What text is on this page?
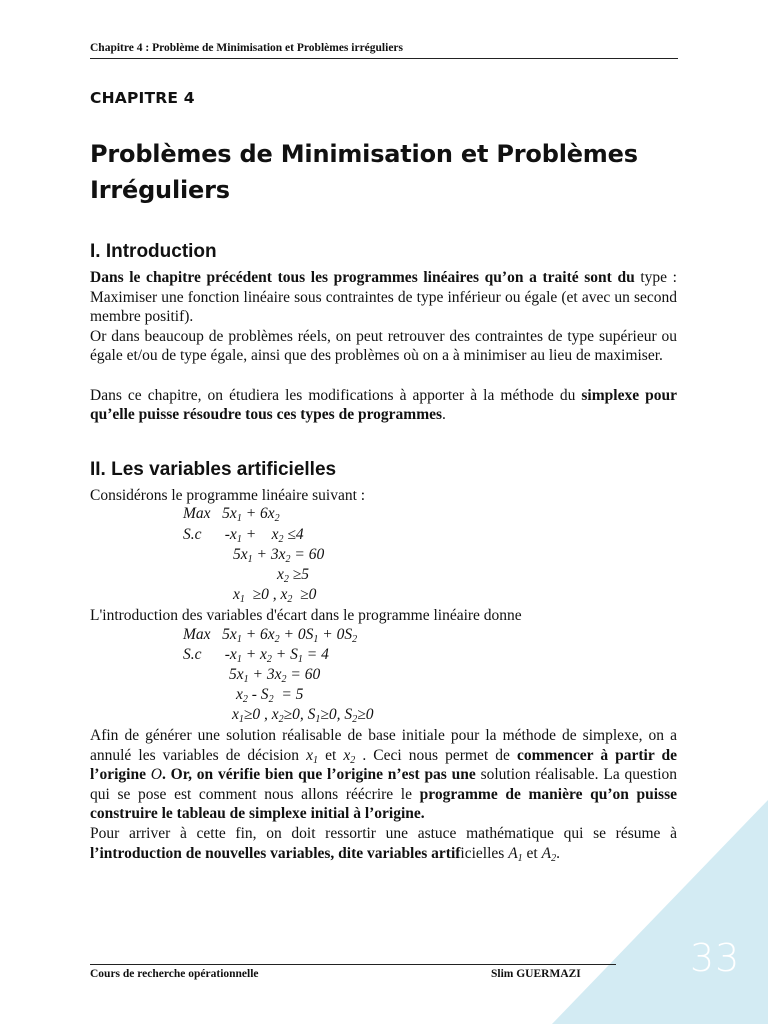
Chapitre 4 : Problème de Minimisation et Problèmes irréguliers
CHAPITRE 4
Problèmes de Minimisation et Problèmes
Irréguliers
I. Introduction

Dans le chapitre précédent tous les programmes linéaires qu’on a traité sont du type : Maximiser une fonction linéaire sous contraintes de type inférieur ou égale (et avec un second membre positif).

Or dans beaucoup de problèmes réels, on peut retrouver des contraintes de type supérieur ou égale et/ou de type égale, ainsi que des problèmes où on a à minimiser au lieu de maximiser.

Dans ce chapitre, on étudiera les modifications à apporter à la méthode du simplexe pour qu’elle puisse résoudre tous ces types de programmes.

II. Les variables artificielles
Considérons le programme linéaire suivant :
Max   $5x_1 + 6x_2$
S.c      $-x_1$ +    $x_2 \le 4$
$5x_1 + 3x_2 = 60$
$x_2 \ge 5$
$x_1 \ge 0$ , $x_2 \ge 0$
L'introduction des variables d'écart dans le programme linéaire donne
Max   $5x_1 + 6x_2 + 0S_1 + 0S_2$
S.c      $-x_1 + x_2 + S_1 = 4$
$5x_1 + 3x_2 = 60$
$x_2 - S_2 = 5$
$x_1\ge 0$ , $x_2\ge 0$, $S_1\ge 0$, $S_2\ge 0$

Afin de générer une solution réalisable de base initiale pour la méthode de simplexe, on a annulé les variables de décision $x_1$ et $x_2$ . Ceci nous permet de commencer à partir de l’origine O. Or, on vérifie bien que l’origine n’est pas une solution réalisable. La question qui se pose est comment nous allons réécrire le programme de manière qu’on puisse construire le tableau de simplexe initial à l’origine.

Pour arriver à cette fin, on doit ressortir une astuce mathématique qui se résume à l’introduction de nouvelles variables, dite variables artificielles $A_1$ et $A_2$.

Cours de recherche opérationnelle	Slim GUERMAZI	33
